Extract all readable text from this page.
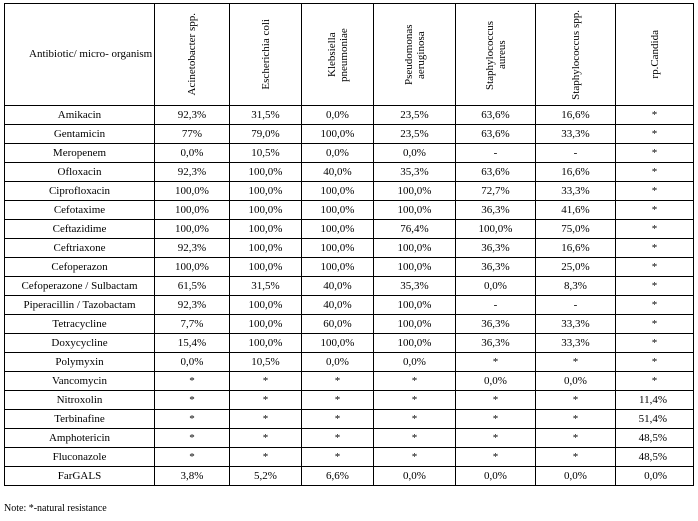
Antibiotic/ micro- organism	Acinetobacter spp.	Escherichia coli	Klebsiella pneumoniae	Pseudomonas aeruginosa	Staphylococcus aureus	Staphylococcus spp.	rp.Candida

Amikacin	92,3%	31,5%	0,0%	23,5%	63,6%	16,6%	*
Gentamicin	77%	79,0%	100,0%	23,5%	63,6%	33,3%	*
Meropenem	0,0%	10,5%	0,0%	0,0%	-	-	*
Ofloxacin	92,3%	100,0%	40,0%	35,3%	63,6%	16,6%	*
Ciprofloxacin	100,0%	100,0%	100,0%	100,0%	72,7%	33,3%	*
Cefotaxime	100,0%	100,0%	100,0%	100,0%	36,3%	41,6%	*
Ceftazidime	100,0%	100,0%	100,0%	76,4%	100,0%	75,0%	*
Ceftriaxone	92,3%	100,0%	100,0%	100,0%	36,3%	16,6%	*
Cefoperazon	100,0%	100,0%	100,0%	100,0%	36,3%	25,0%	*
Cefoperazone / Sulbactam	61,5%	31,5%	40,0%	35,3%	0,0%	8,3%	*
Piperacillin / Tazobactam	92,3%	100,0%	40,0%	100,0%	-	-	*
Tetracycline	7,7%	100,0%	60,0%	100,0%	36,3%	33,3%	*
Doxycycline	15,4%	100,0%	100,0%	100,0%	36,3%	33,3%	*
Polymyxin	0,0%	10,5%	0,0%	0,0%	*	*	*
Vancomycin	*	*	*	*	0,0%	0,0%	*
Nitroxolin	*	*	*	*	*	*	11,4%
Terbinafine	*	*	*	*	*	*	51,4%
Amphotericin	*	*	*	*	*	*	48,5%
Fluconazole	*	*	*	*	*	*	48,5%
FarGALS	3,8%	5,2%	6,6%	0,0%	0,0%	0,0%	0,0%
Note: *-natural resistance
